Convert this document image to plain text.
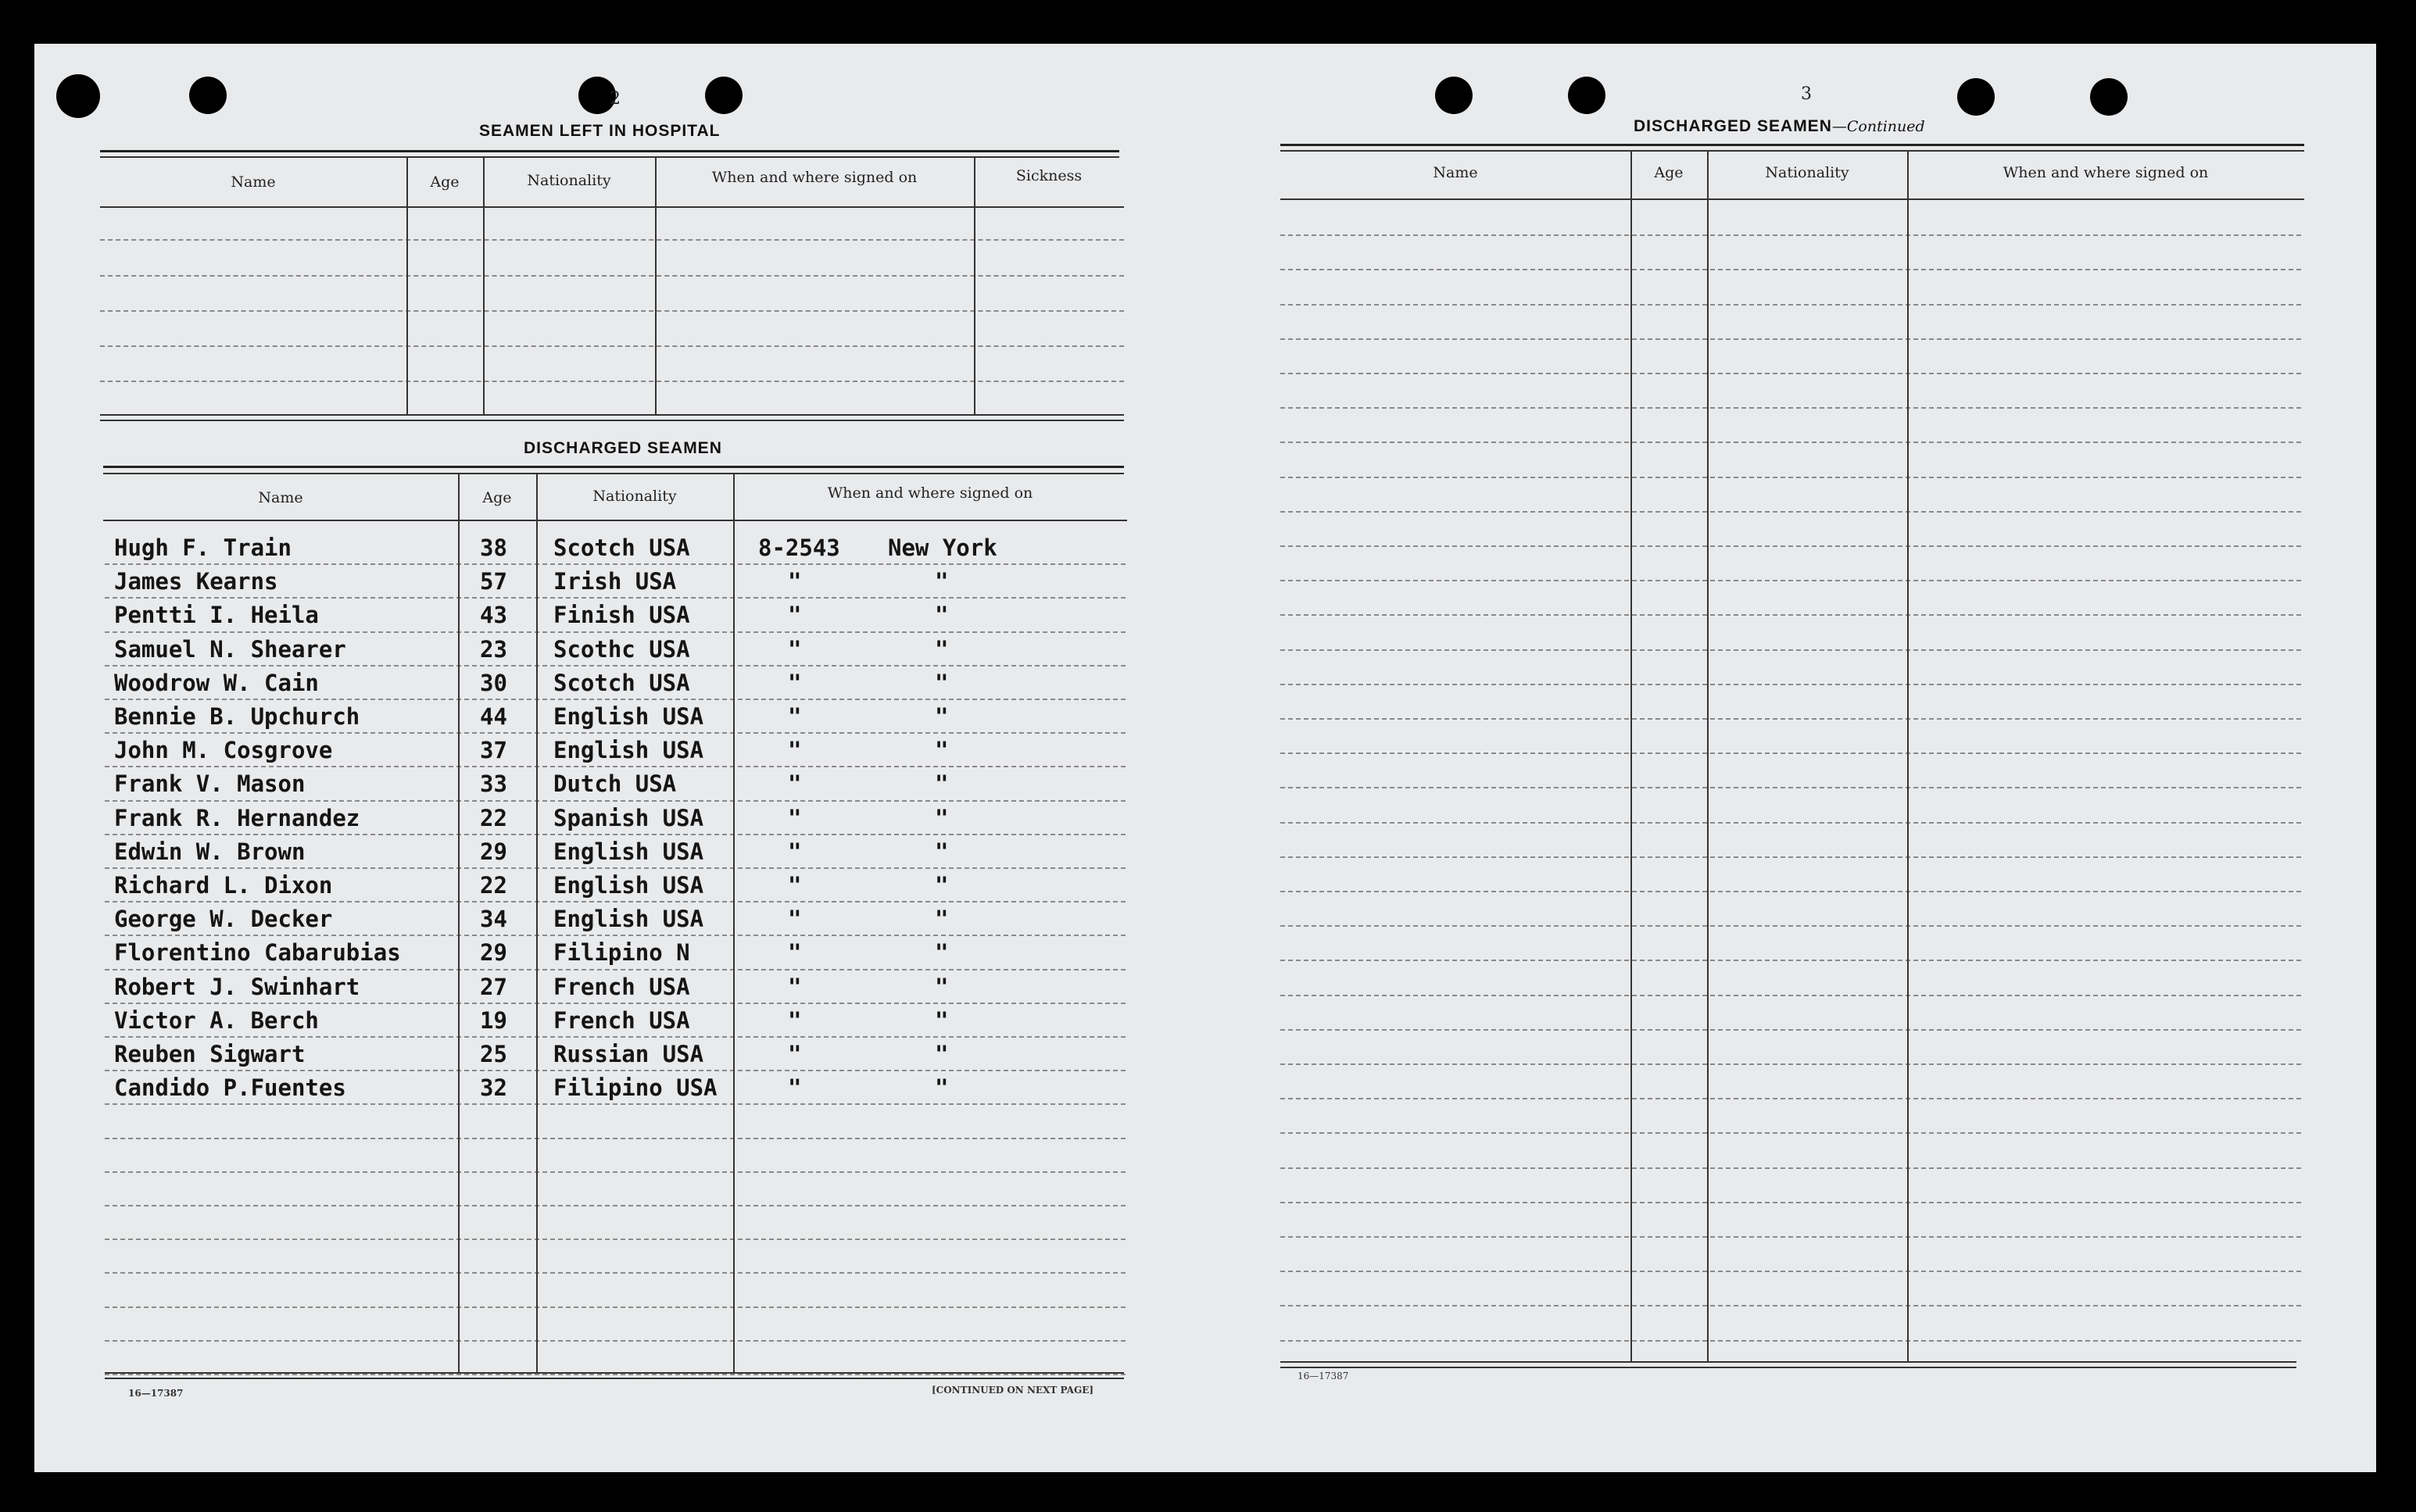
2
SEAMEN LEFT IN HOSPITAL
Name	Age	Nationality	When and where signed on	Sickness
DISCHARGED SEAMEN
Hugh F. Train	38 Scotch USA	8-2543 New York
James Kearns	57 Irish USA	"	"
Pentti I. Heila	43 Finish USA	"	"
Samuel N. Shearer	23 Scothc USA	"	"
Woodrow W. Cain	30 Scotch USA	"	"
Bennie B. Upchurch	44 English USA	"	"
John M. Cosgrove	37 English USA	"	"
Frank V. Mason	33 Dutch USA	"	"
Frank R. Hernandez	22 Spanish USA	"	"
Edwin W. Brown	29 English USA	"	"
Richard L. Dixon	22 English USA	"	"
George W. Decker	34 English USA	"	"
Florentino Cabarubias	29 Filipino N	"	"
Robert J. Swinhart	27 French USA	"	"
Victor A. Berch	19 French USA	"	"
Reuben Sigwart	25 Russian USA	"	"
Candido P.Fuentes	32 Filipino USA	"	"
Name	Age	Nationality	When and where signed on
16—17387	[CONTINUED ON NEXT PAGE]
3
DISCHARGED SEAMEN—Continued
Name	Age	Nationality	When and where signed on
16—17387
